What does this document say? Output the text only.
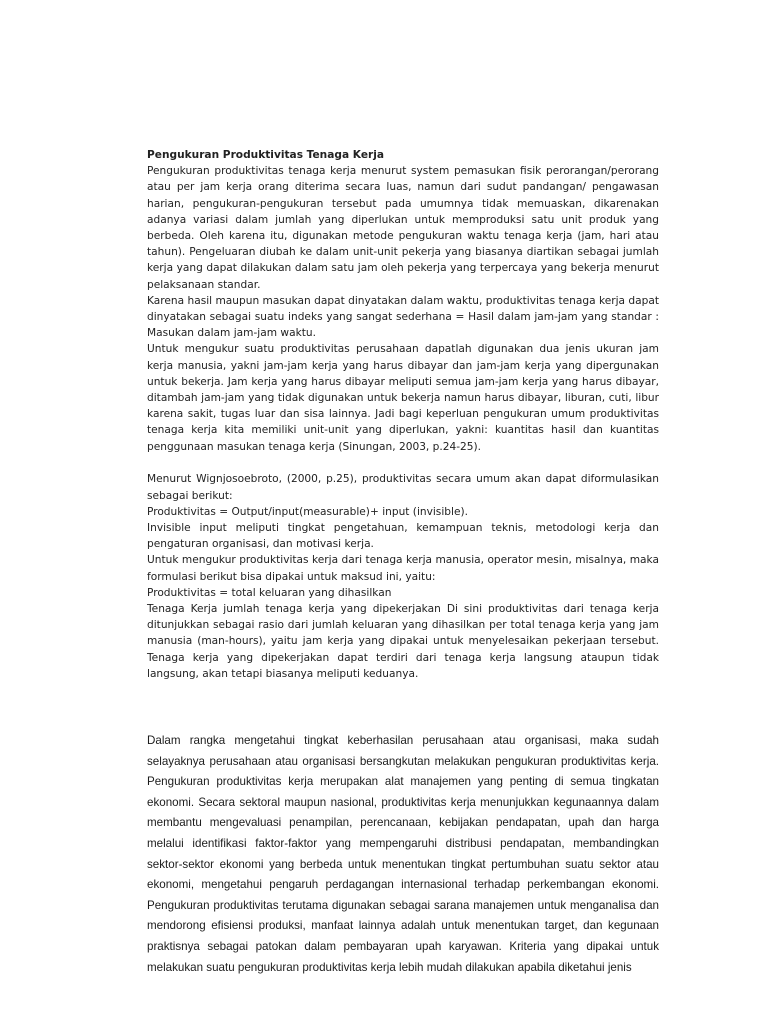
Pengukuran Produktivitas Tenaga Kerja

Pengukuran produktivitas tenaga kerja menurut system pemasukan fisik perorangan/perorang atau per jam kerja orang diterima secara luas, namun dari sudut pandangan/ pengawasan harian, pengukuran-pengukuran tersebut pada umumnya tidak memuaskan, dikarenakan adanya variasi dalam jumlah yang diperlukan untuk memproduksi satu unit produk yang berbeda. Oleh karena itu, digunakan metode pengukuran waktu tenaga kerja (jam, hari atau tahun). Pengeluaran diubah ke dalam unit-unit pekerja yang biasanya diartikan sebagai jumlah kerja yang dapat dilakukan dalam satu jam oleh pekerja yang terpercaya yang bekerja menurut pelaksanaan standar.

Karena hasil maupun masukan dapat dinyatakan dalam waktu, produktivitas tenaga kerja dapat dinyatakan sebagai suatu indeks yang sangat sederhana = Hasil dalam jam-jam yang standar : Masukan dalam jam-jam waktu.

Untuk mengukur suatu produktivitas perusahaan dapatlah digunakan dua jenis ukuran jam kerja manusia, yakni jam-jam kerja yang harus dibayar dan jam-jam kerja yang dipergunakan untuk bekerja. Jam kerja yang harus dibayar meliputi semua jam-jam kerja yang harus dibayar, ditambah jam-jam yang tidak digunakan untuk bekerja namun harus dibayar, liburan, cuti, libur karena sakit, tugas luar dan sisa lainnya. Jadi bagi keperluan pengukuran umum produktivitas tenaga kerja kita memiliki unit-unit yang diperlukan, yakni: kuantitas hasil dan kuantitas penggunaan masukan tenaga kerja (Sinungan, 2003, p.24-25).

Menurut Wignjosoebroto, (2000, p.25), produktivitas secara umum akan dapat diformulasikan sebagai berikut:

Produktivitas = Output/input(measurable)+ input (invisible).

Invisible input meliputi tingkat pengetahuan, kemampuan teknis, metodologi kerja dan pengaturan organisasi, dan motivasi kerja.

Untuk mengukur produktivitas kerja dari tenaga kerja manusia, operator mesin, misalnya, maka formulasi berikut bisa dipakai untuk maksud ini, yaitu:

Produktivitas = total keluaran yang dihasilkan

Tenaga Kerja jumlah tenaga kerja yang dipekerjakan Di sini produktivitas dari tenaga kerja ditunjukkan sebagai rasio dari jumlah keluaran yang dihasilkan per total tenaga kerja yang jam manusia (man-hours), yaitu jam kerja yang dipakai untuk menyelesaikan pekerjaan tersebut. Tenaga kerja yang dipekerjakan dapat terdiri dari tenaga kerja langsung ataupun tidak langsung, akan tetapi biasanya meliputi keduanya.

Dalam rangka mengetahui tingkat keberhasilan perusahaan atau organisasi, maka sudah selayaknya perusahaan atau organisasi bersangkutan melakukan pengukuran produktivitas kerja. Pengukuran produktivitas kerja merupakan alat manajemen yang penting di semua tingkatan ekonomi. Secara sektoral maupun nasional, produktivitas kerja menunjukkan kegunaannya dalam membantu mengevaluasi penampilan, perencanaan, kebijakan pendapatan, upah dan harga melalui identifikasi faktor-faktor yang mempengaruhi distribusi pendapatan, membandingkan sektor-sektor ekonomi yang berbeda untuk menentukan tingkat pertumbuhan suatu sektor atau ekonomi, mengetahui pengaruh perdagangan internasional terhadap perkembangan ekonomi. Pengukuran produktivitas terutama digunakan sebagai sarana manajemen untuk menganalisa dan mendorong efisiensi produksi, manfaat lainnya adalah untuk menentukan target, dan kegunaan praktisnya sebagai patokan dalam pembayaran upah karyawan. Kriteria yang dipakai untuk melakukan suatu pengukuran produktivitas kerja lebih mudah dilakukan apabila diketahui jenis
